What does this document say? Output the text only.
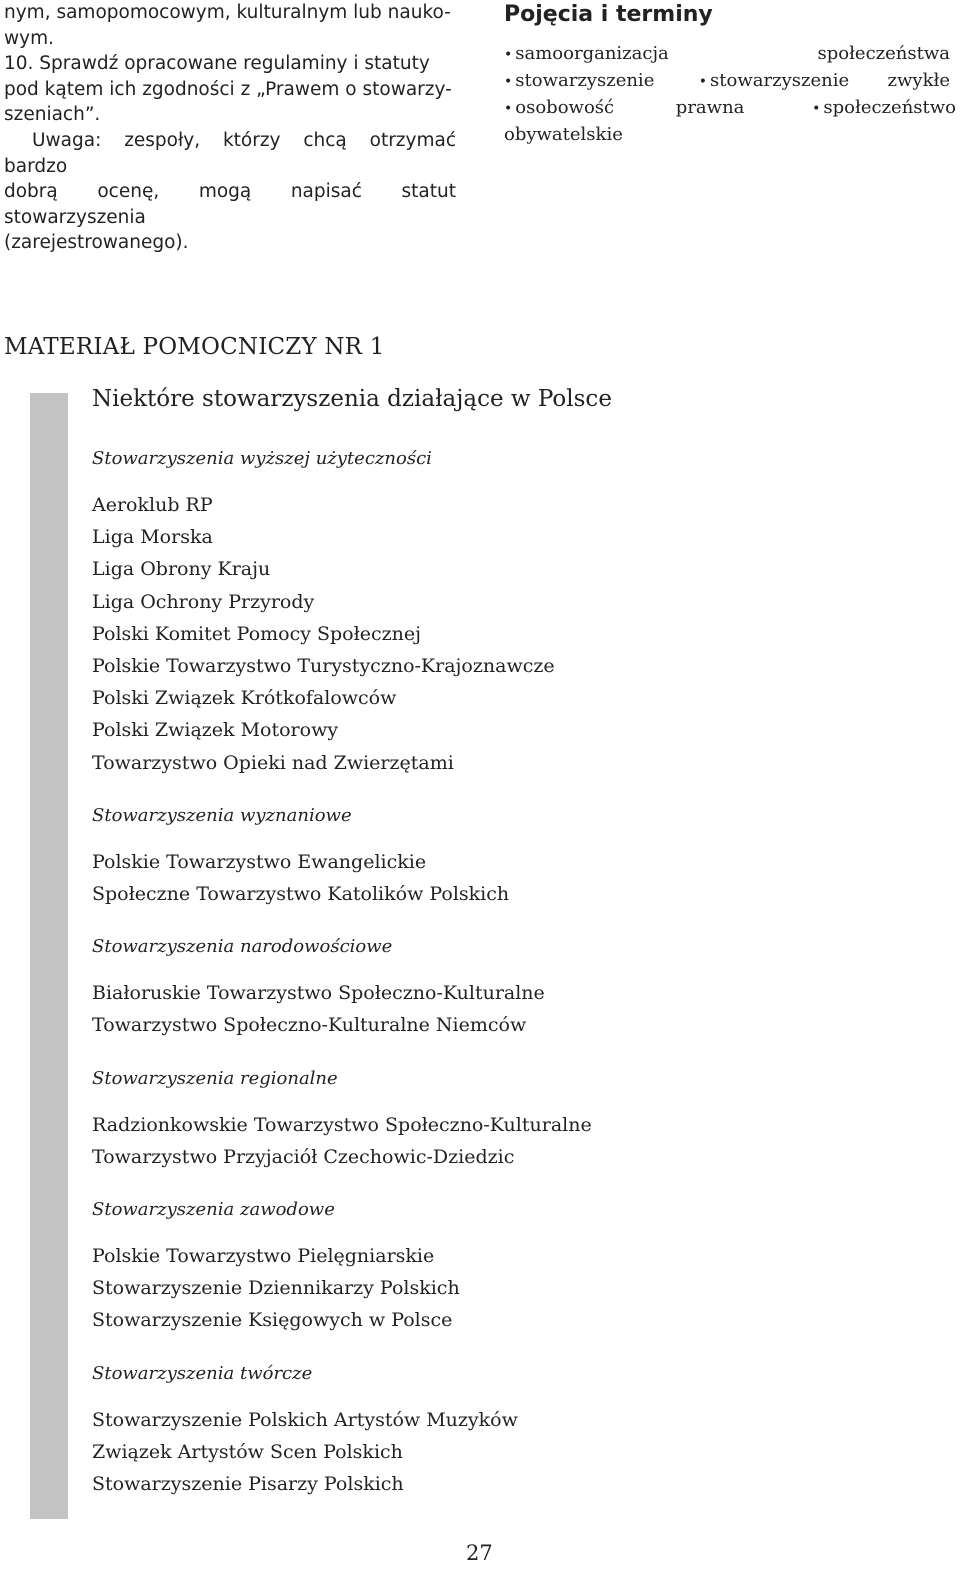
nym, samopomocowym, kulturalnym lub nauko-

wym.

10. Sprawdź opracowane regulaminy i statuty

pod kątem ich zgodności z „Prawem o stowarzy-

szeniach”.

Uwaga: zespoły, którzy chcą otrzymać bardzo

dobrą ocenę, mogą napisać statut stowarzyszenia

(zarejestrowanego).

Pojęcia i terminy

• samoorganizacja społeczeństwa • stowarzyszenie	• stowarzyszenie zwykłe • osobowość prawna	• społeczeństwo obywatelskie

MATERIAŁ POMOCNICZY NR 1
Niektóre stowarzyszenia działające w Polsce
Stowarzyszenia wyższej użyteczności

Aeroklub RP

Liga Morska

Liga Obrony Kraju

Liga Ochrony Przyrody

Polski Komitet Pomocy Społecznej

Polskie Towarzystwo Turystyczno-Krajoznawcze

Polski Związek Krótkofalowców

Polski Związek Motorowy

Towarzystwo Opieki nad Zwierzętami

Stowarzyszenia wyznaniowe

Polskie Towarzystwo Ewangelickie

Społeczne Towarzystwo Katolików Polskich

Stowarzyszenia narodowościowe

Białoruskie Towarzystwo Społeczno-Kulturalne

Towarzystwo Społeczno-Kulturalne Niemców

Stowarzyszenia regionalne

Radzionkowskie Towarzystwo Społeczno-Kulturalne

Towarzystwo Przyjaciół Czechowic-Dziedzic

Stowarzyszenia zawodowe

Polskie Towarzystwo Pielęgniarskie

Stowarzyszenie Dziennikarzy Polskich

Stowarzyszenie Księgowych w Polsce

Stowarzyszenia twórcze

Stowarzyszenie Polskich Artystów Muzyków

Związek Artystów Scen Polskich

Stowarzyszenie Pisarzy Polskich

27
